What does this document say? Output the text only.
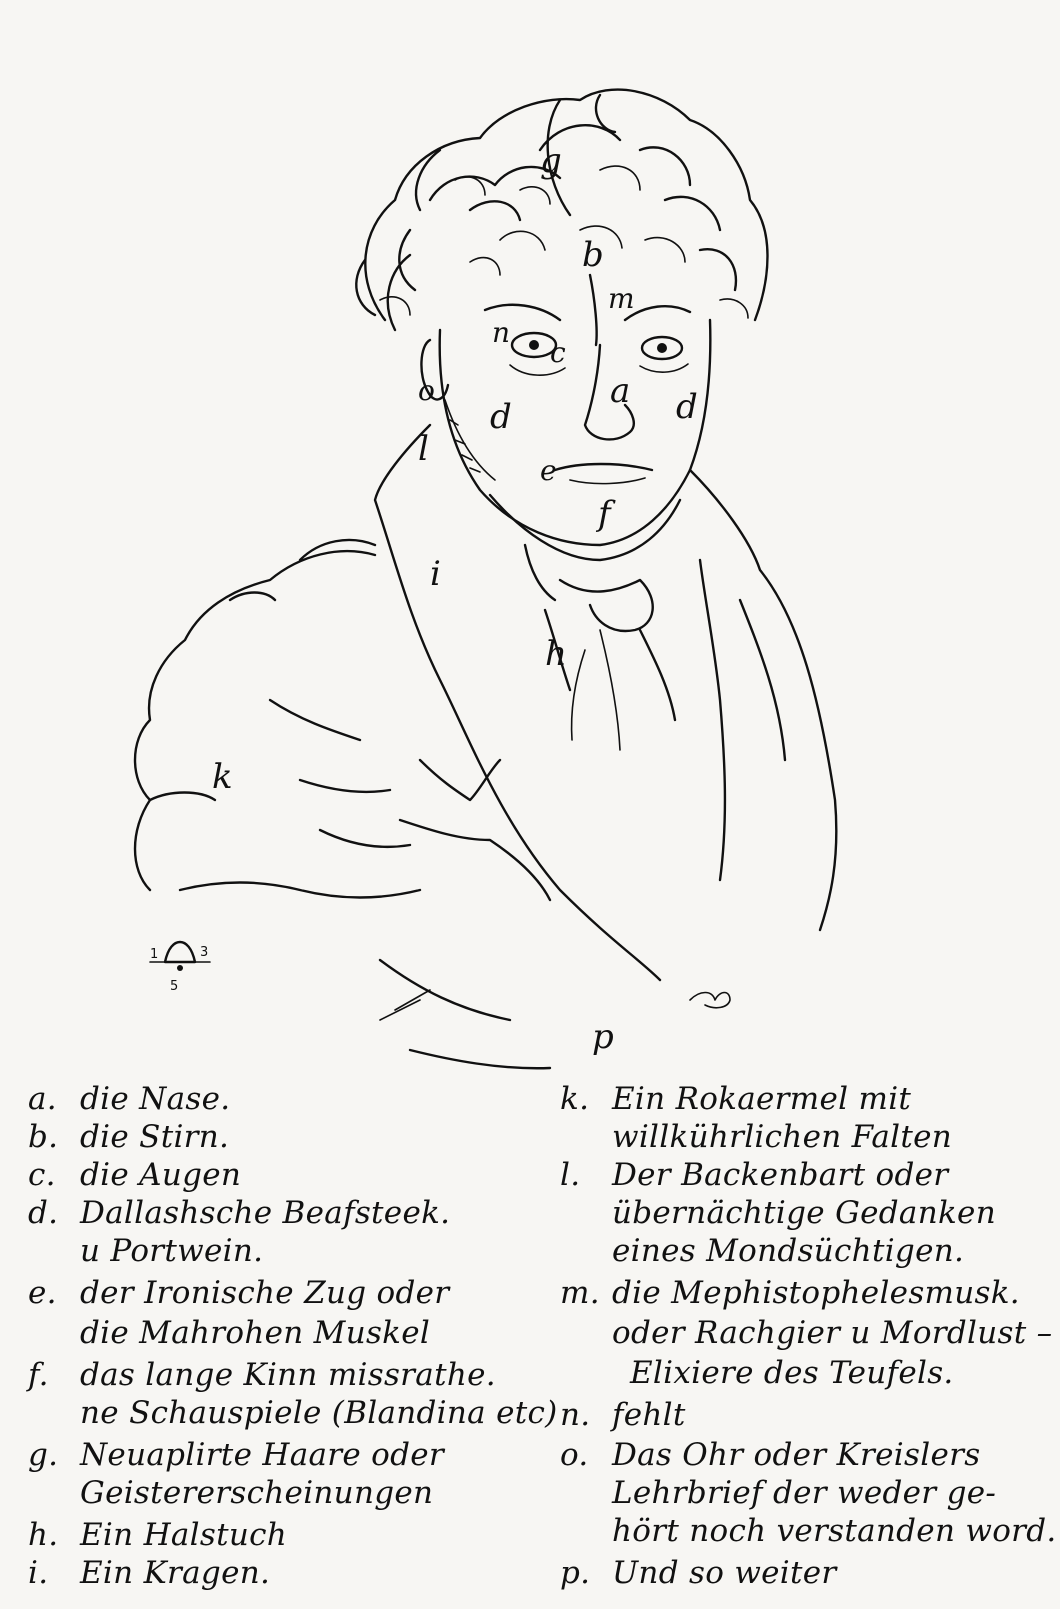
a
b
c
d	d
e
f
g
h
i
k
l
m
n
o
p
1	3
5
a. die Nase.
b. die Stirn.
c. die Augen
d. Dallashsche Beafsteek.
u Portwein.
e. der Ironische Zug oder
die Mahrohen Muskel
f. das lange Kinn missrathe.
ne Schauspiele (Blandina etc)
g. Neuaplirte Haare oder
Geistererscheinungen
h. Ein Halstuch
i. Ein Kragen.
k. Ein Rokaermel mit
willkührlichen Falten
l. Der Backenbart oder
übernächtige Gedanken
eines Mondsüchtigen.
m. die Mephistophelesmusk.
oder Rachgier u Mordlust –
Elixiere des Teufels.
n. fehlt
o. Das Ohr oder Kreislers
Lehrbrief der weder ge-
hört noch verstanden word.
p. Und so weiter
